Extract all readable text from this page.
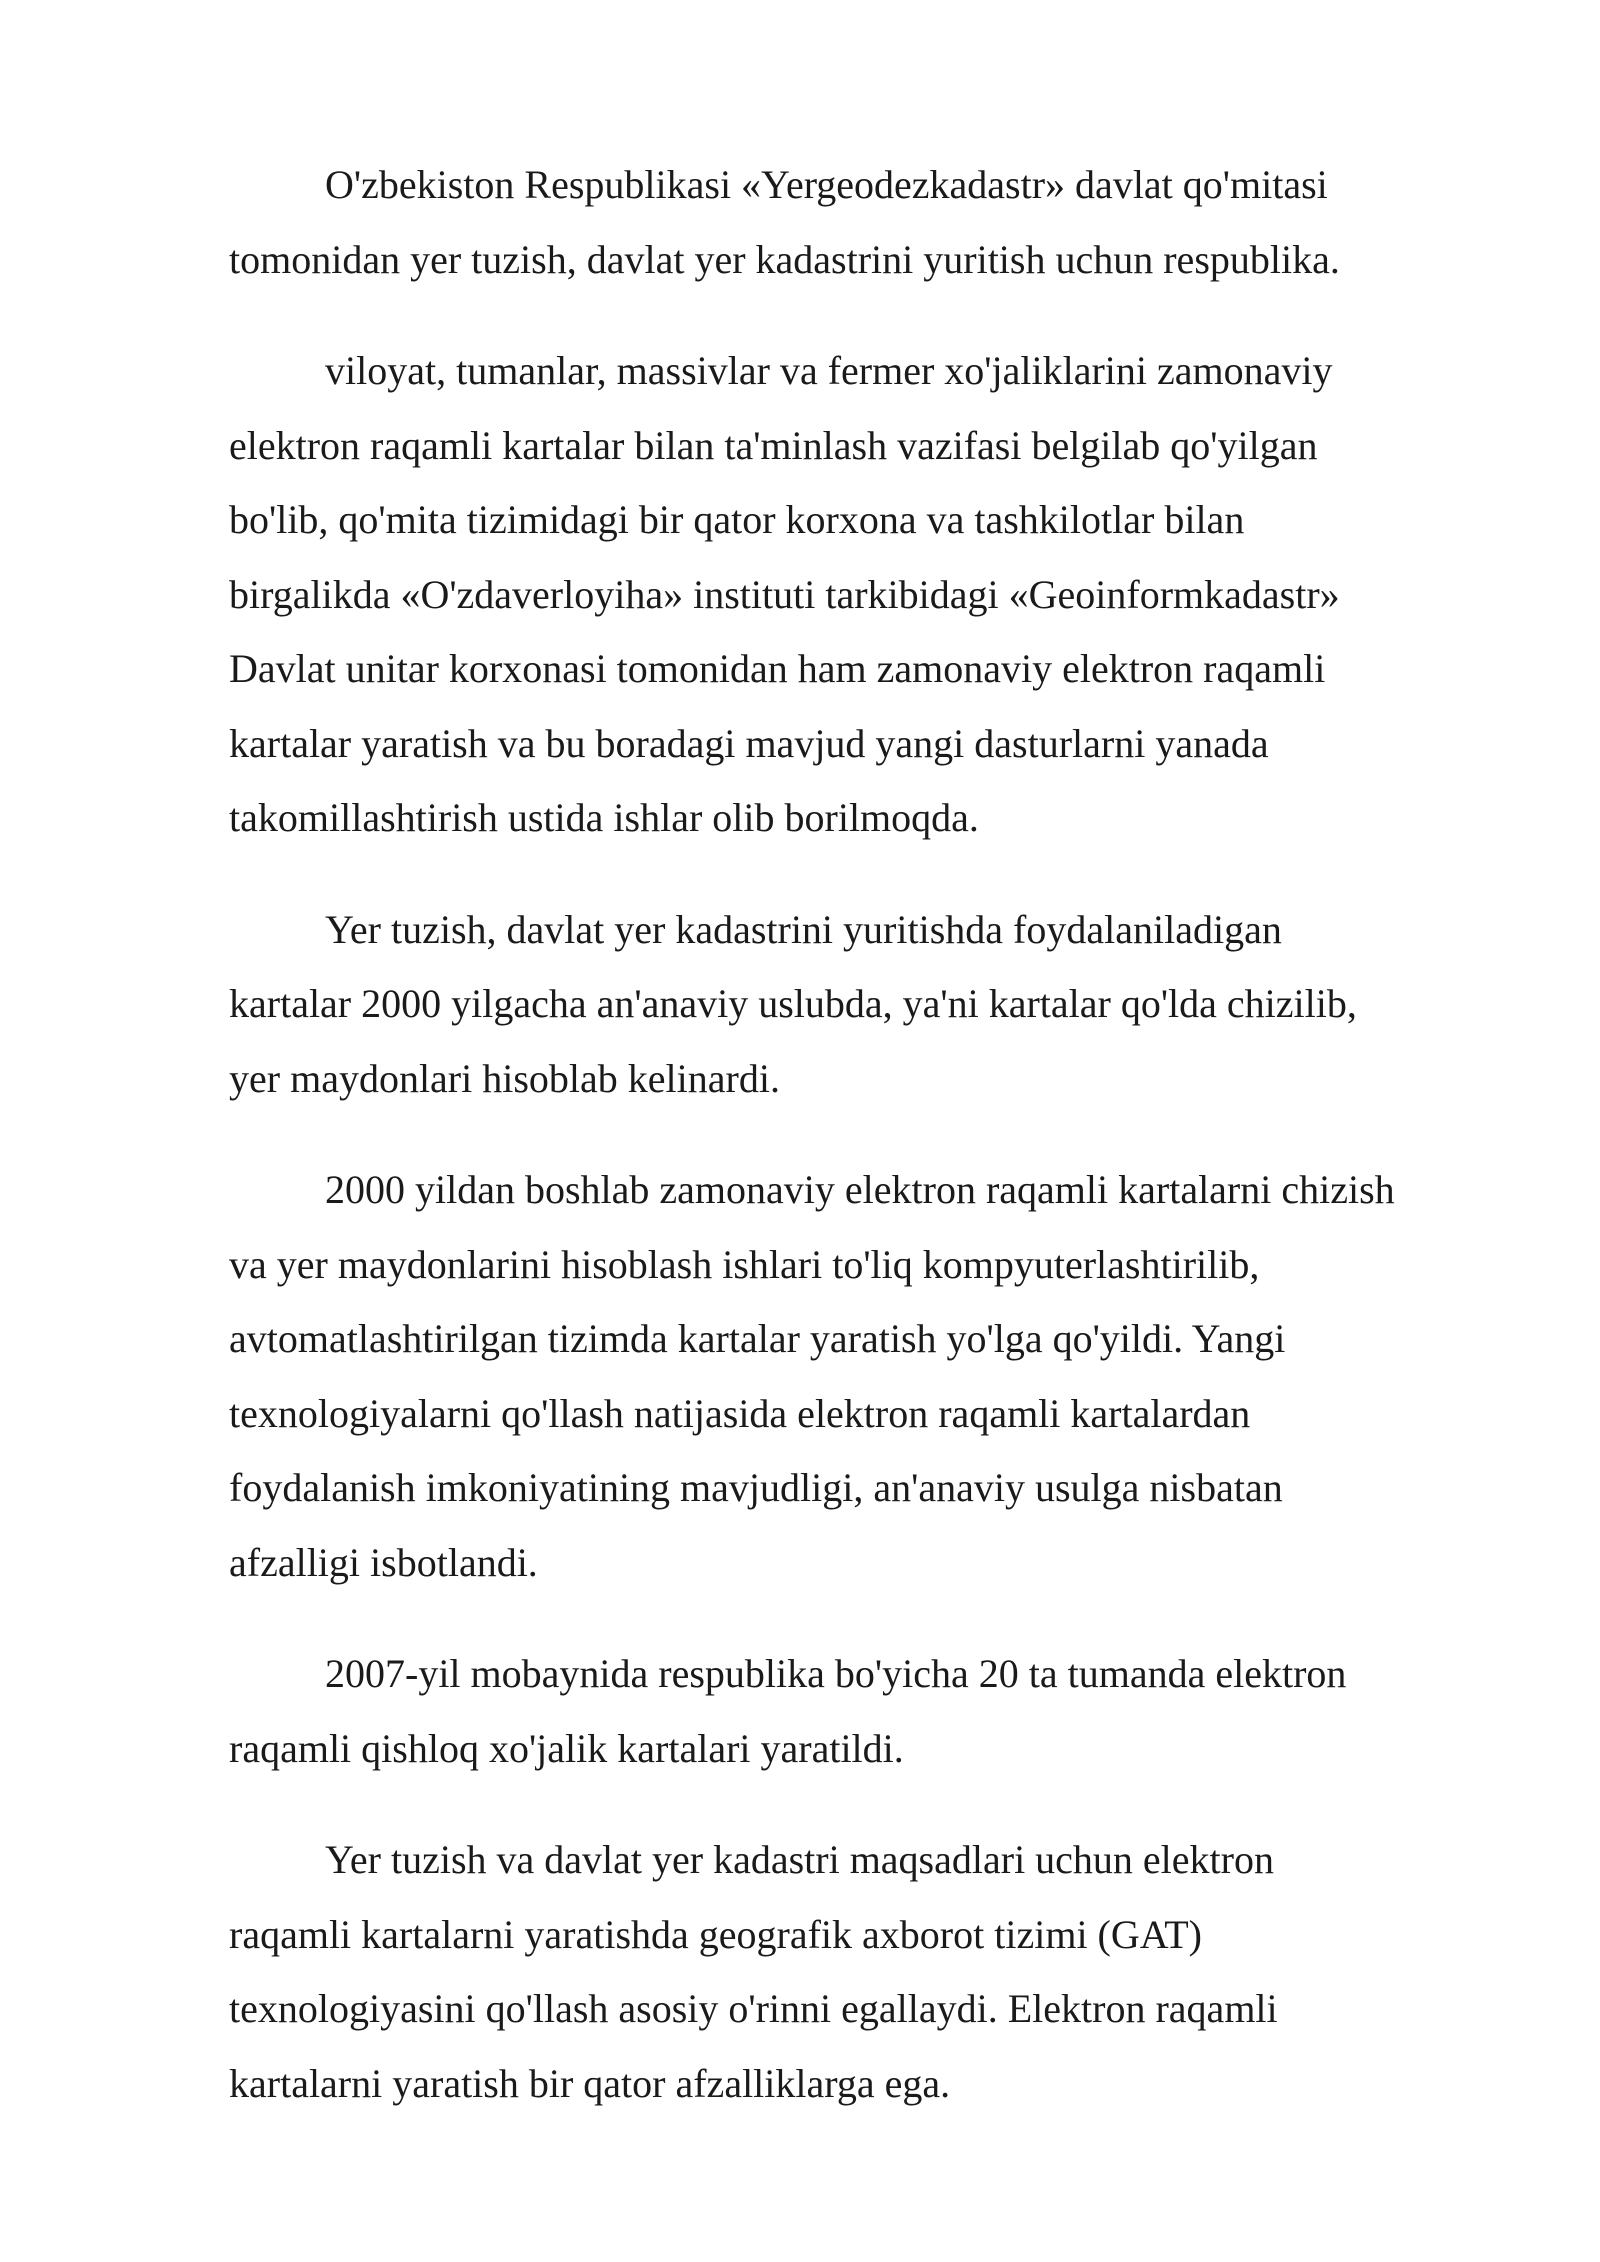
O'zbekiston Respublikasi «Yergeodezkadastr» davlat qo'mitasi
tomonidan yer tuzish, davlat yer kadastrini yuritish uchun respublika.

viloyat, tumanlar, massivlar va fermer xo'jaliklarini zamonaviy
elektron raqamli kartalar bilan ta'minlash vazifasi belgilab qo'yilgan
bo'lib, qo'mita tizimidagi bir qator korxona va tashkilotlar bilan
birgalikda «O'zdaverloyiha» instituti tarkibidagi «Geoinformkadastr»
Davlat unitar korxonasi tomonidan ham zamonaviy elektron raqamli
kartalar yaratish va bu boradagi mavjud yangi dasturlarni yanada
takomillashtirish ustida ishlar olib borilmoqda.

Yer tuzish, davlat yer kadastrini yuritishda foydalaniladigan
kartalar 2000 yilgacha an'anaviy uslubda, ya'ni kartalar qo'lda chizilib,
yer maydonlari hisoblab kelinardi.

2000 yildan boshlab zamonaviy elektron raqamli kartalarni chizish
va yer maydonlarini hisoblash ishlari to'liq kompyuterlashtirilib,
avtomatlashtirilgan tizimda kartalar yaratish yo'lga qo'yildi. Yangi
texnologiyalarni qo'llash natijasida elektron raqamli kartalardan
foydalanish imkoniyatining mavjudligi, an'anaviy usulga nisbatan
afzalligi isbotlandi.

2007-yil mobaynida respublika bo'yicha 20 ta tumanda elektron
raqamli qishloq xo'jalik kartalari yaratildi.

Yer tuzish va davlat yer kadastri maqsadlari uchun elektron
raqamli kartalarni yaratishda geografik axborot tizimi (GAT)
texnologiyasini qo'llash asosiy o'rinni egallaydi. Elektron raqamli
kartalarni yaratish bir qator afzalliklarga ega.
